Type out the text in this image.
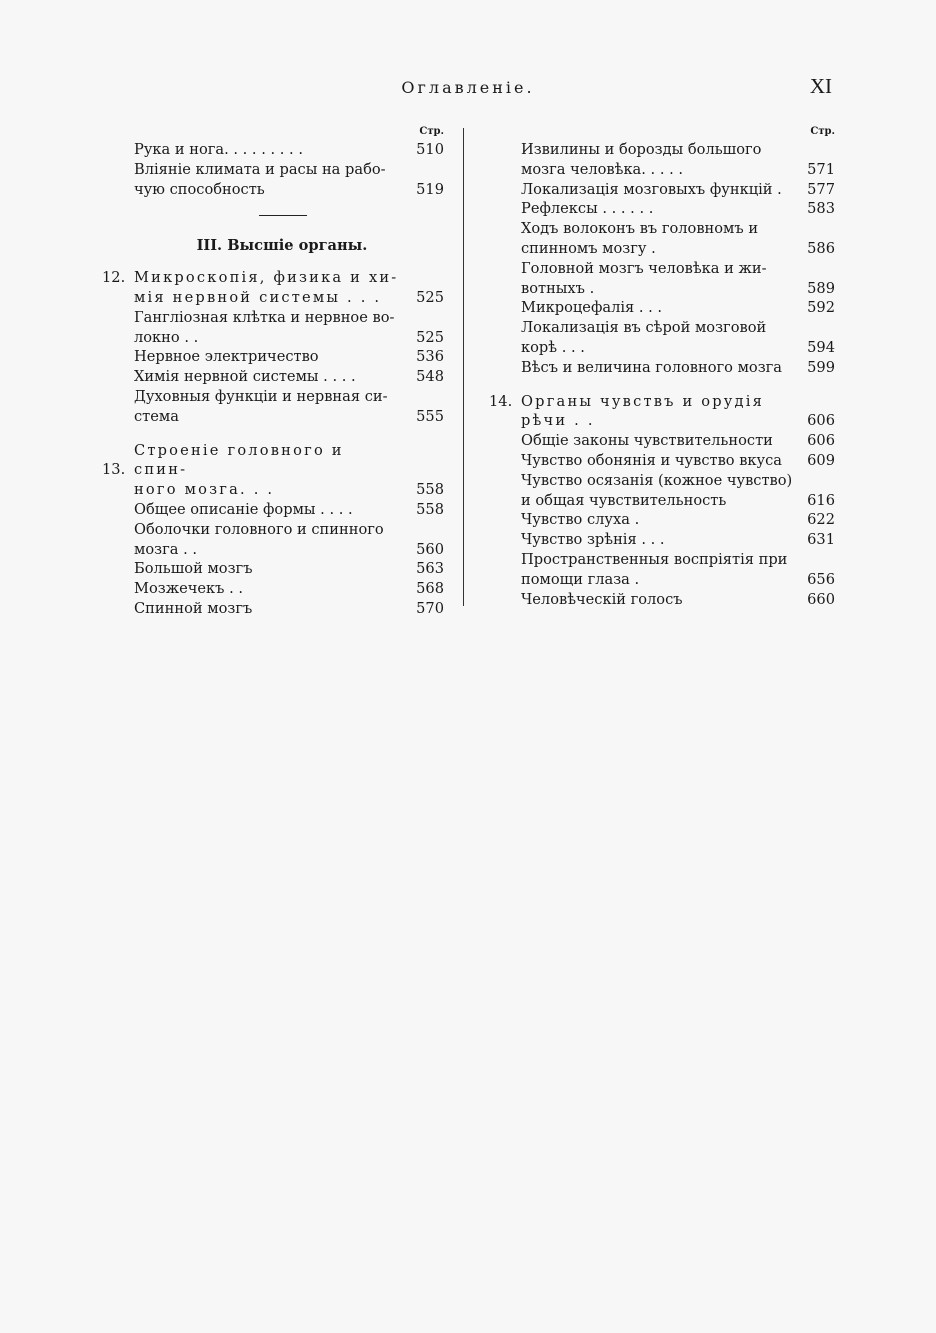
Оглавленіе.	XI
Стр.
Рука и нога. . . . . . . . .	510
Вліяніе климата и расы на рабо-
чую способность	519
III. Высшіе органы.
12. Микроскопія, физика и хи-
мія нервной системы . . .	525
Ганглiозная клѣтка и нервное во-
локно . .	525
Нервное электричество	536
Химія нервной системы . . . .	548
Духовныя функціи и нервная си-
стема	555
13.
Строеніе головного и спин-
ного мозга. . .	558
Общее описаніе формы . . . .	558
Оболочки головного и спинного
мозга . .	560
Большой мозгъ	563
Мозжечекъ . .	568
Спинной мозгъ	570
Стр.
Извилины и борозды большого
мозга человѣка. . . . .	571
Локализація мозговыхъ функцій .	577
Рефлексы . . . . . .	583
Ходъ волоконъ въ головномъ и
спинномъ мозгу .	586
Головной мозгъ человѣка и жи-
вотныхъ .	589
Микроцефалія . . .	592
Локализація въ сѣрой мозговой
корѣ . . .	594
Вѣсъ и величина головного мозга	599
14. Органы чувствъ и орудія
рѣчи . .	606
Общіе законы чувствительности	606
Чувство обонянія и чувство вкуса	609
Чувство осязанія (кожное чувство)
и общая чувствительность	616
Чувство слуха .	622
Чувство зрѣнія . . .	631
Пространственныя воспріятія при
помощи глаза .	656
Человѣческій голосъ	660
